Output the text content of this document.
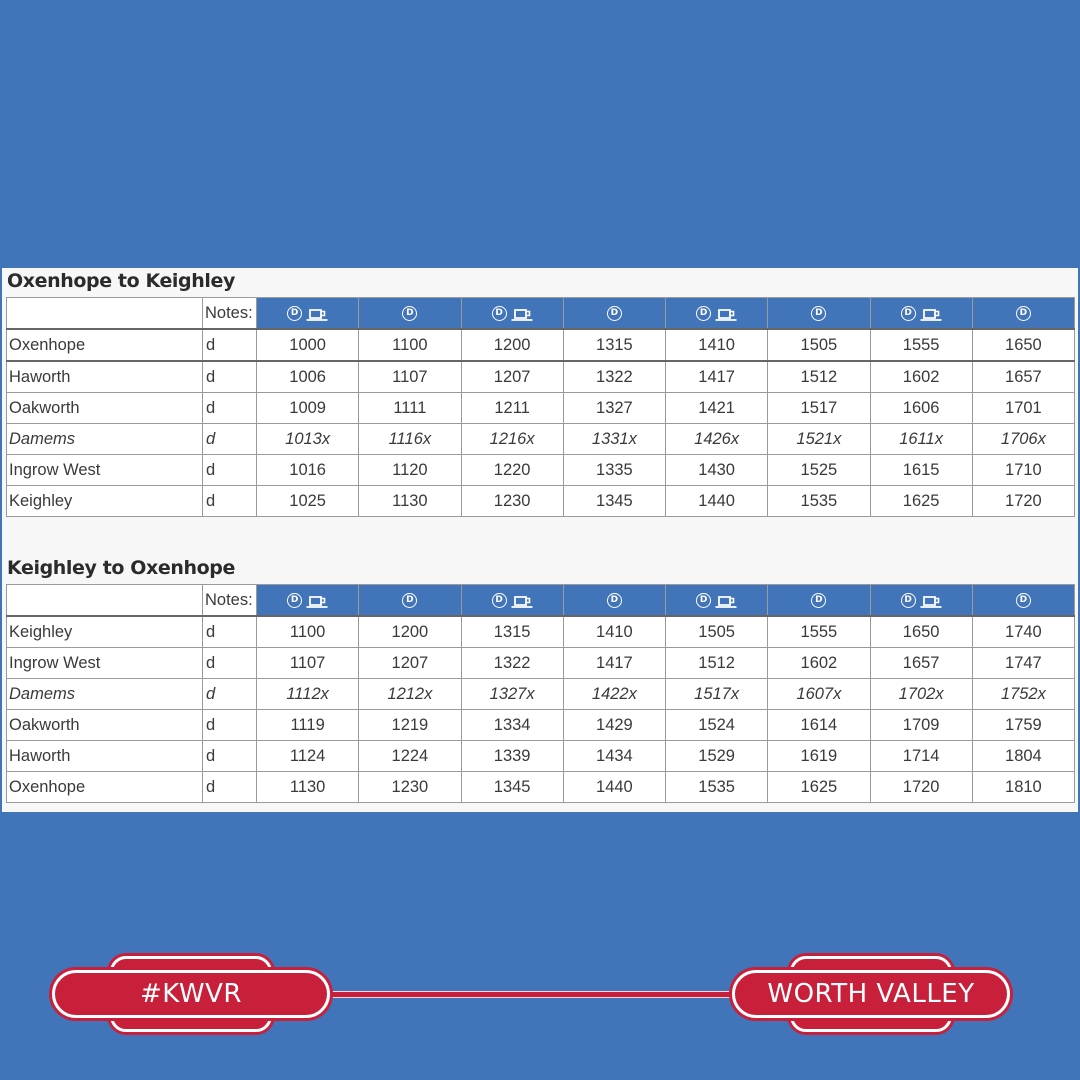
Oxenhope to Keighley
	Notes:	D	D	D	D	D	D	D	D

Oxenhope	d	1000	1100	1200	1315	1410	1505	1555	1650
Haworth	d	1006	1107	1207	1322	1417	1512	1602	1657
Oakworth	d	1009	1111	1211	1327	1421	1517	1606	1701
Damems	d	1013x	1116x	1216x	1331x	1426x	1521x	1611x	1706x
Ingrow West	d	1016	1120	1220	1335	1430	1525	1615	1710
Keighley	d	1025	1130	1230	1345	1440	1535	1625	1720
Keighley to Oxenhope
	Notes:	D	D	D	D	D	D	D	D

Keighley	d	1100	1200	1315	1410	1505	1555	1650	1740
Ingrow West	d	1107	1207	1322	1417	1512	1602	1657	1747
Damems	d	1112x	1212x	1327x	1422x	1517x	1607x	1702x	1752x
Oakworth	d	1119	1219	1334	1429	1524	1614	1709	1759
Haworth	d	1124	1224	1339	1434	1529	1619	1714	1804
Oxenhope	d	1130	1230	1345	1440	1535	1625	1720	1810
#KWVR	WORTH VALLEY
